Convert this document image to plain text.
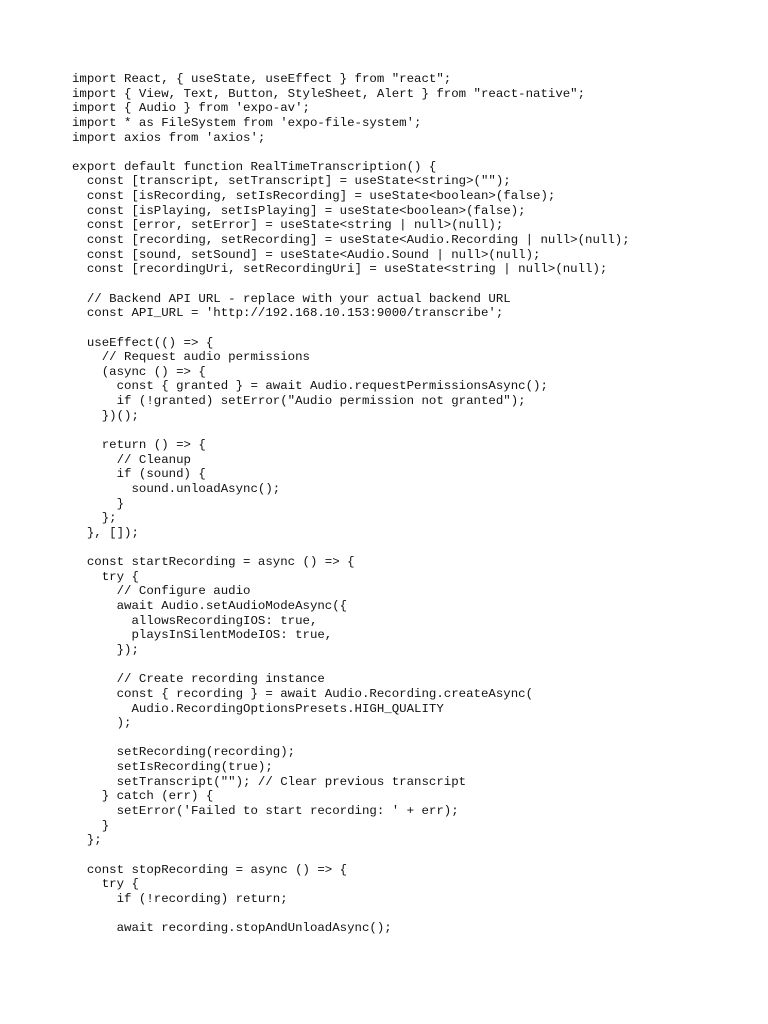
import React, { useState, useEffect } from "react";
import { View, Text, Button, StyleSheet, Alert } from "react-native";
import { Audio } from 'expo-av';
import * as FileSystem from 'expo-file-system';
import axios from 'axios';
export default function RealTimeTranscription() {
const [transcript, setTranscript] = useState<string>("");
const [isRecording, setIsRecording] = useState<boolean>(false);
const [isPlaying, setIsPlaying] = useState<boolean>(false);
const [error, setError] = useState<string | null>(null);
const [recording, setRecording] = useState<Audio.Recording | null>(null);
const [sound, setSound] = useState<Audio.Sound | null>(null);
const [recordingUri, setRecordingUri] = useState<string | null>(null);
// Backend API URL - replace with your actual backend URL
const API_URL = 'http://192.168.10.153:9000/transcribe';
useEffect(() => {
// Request audio permissions
(async () => {
const { granted } = await Audio.requestPermissionsAsync();
if (!granted) setError("Audio permission not granted");
})();
return () => {
// Cleanup
if (sound) {
sound.unloadAsync();
}
};
}, []);
const startRecording = async () => {
try {
// Configure audio
await Audio.setAudioModeAsync({
allowsRecordingIOS: true,
playsInSilentModeIOS: true,
});
// Create recording instance
const { recording } = await Audio.Recording.createAsync(
Audio.RecordingOptionsPresets.HIGH_QUALITY
);
setRecording(recording);
setIsRecording(true);
setTranscript(""); // Clear previous transcript
} catch (err) {
setError('Failed to start recording: ' + err);
}
};
const stopRecording = async () => {
try {
if (!recording) return;
await recording.stopAndUnloadAsync();
